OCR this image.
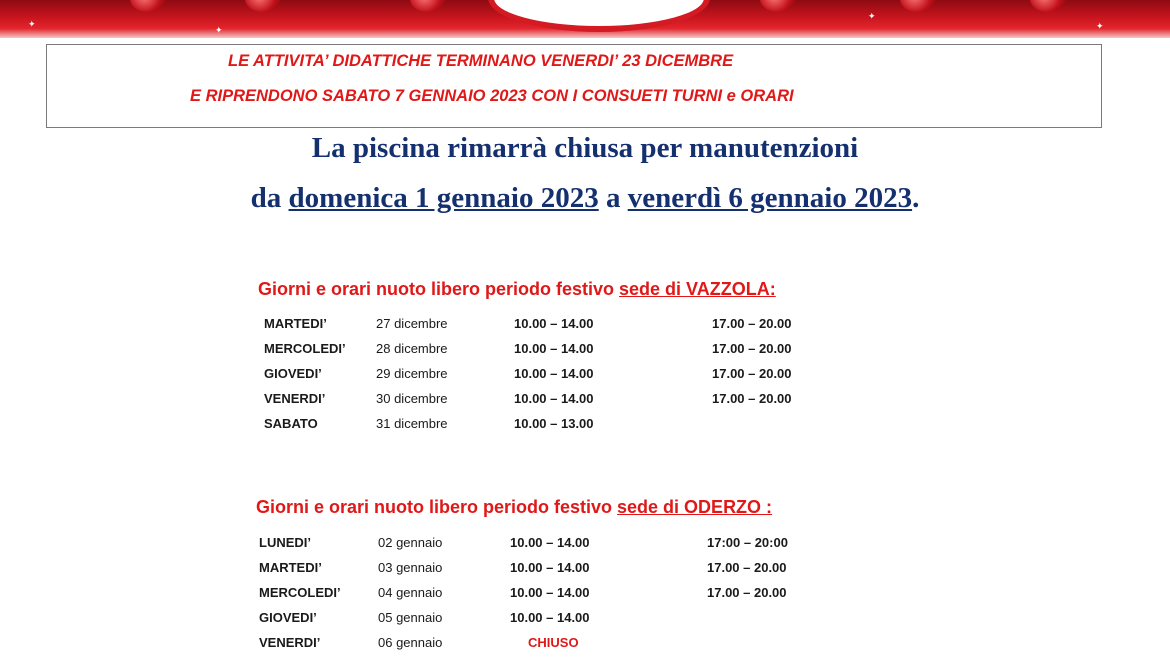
✦
✦
✦
✦
LE ATTIVITA’ DIDATTICHE TERMINANO VENERDI’ 23 DICEMBRE
E RIPRENDONO SABATO 7 GENNAIO 2023 CON I CONSUETI TURNI e ORARI
La piscina rimarrà chiusa per manutenzioni
da domenica 1 gennaio 2023 a venerdì 6 gennaio 2023.
Giorni e orari nuoto libero periodo festivo sede di VAZZOLA:
MARTEDI’	27 dicembre	10.00 – 14.00	17.00 – 20.00
MERCOLEDI’ 28 dicembre	10.00 – 14.00	17.00 – 20.00
GIOVEDI’	29 dicembre	10.00 – 14.00	17.00 – 20.00
VENERDI’	30 dicembre	10.00 – 14.00	17.00 – 20.00
SABATO	31 dicembre	10.00 – 13.00
Giorni e orari nuoto libero periodo festivo sede di ODERZO :
LUNEDI’	02 gennaio	10.00 – 14.00	17:00 – 20:00
MARTEDI’	03 gennaio	10.00 – 14.00	17.00 – 20.00
MERCOLEDI’	04 gennaio	10.00 – 14.00	17.00 – 20.00
GIOVEDI’	05 gennaio	10.00 – 14.00
VENERDI’	06 gennaio	CHIUSO
